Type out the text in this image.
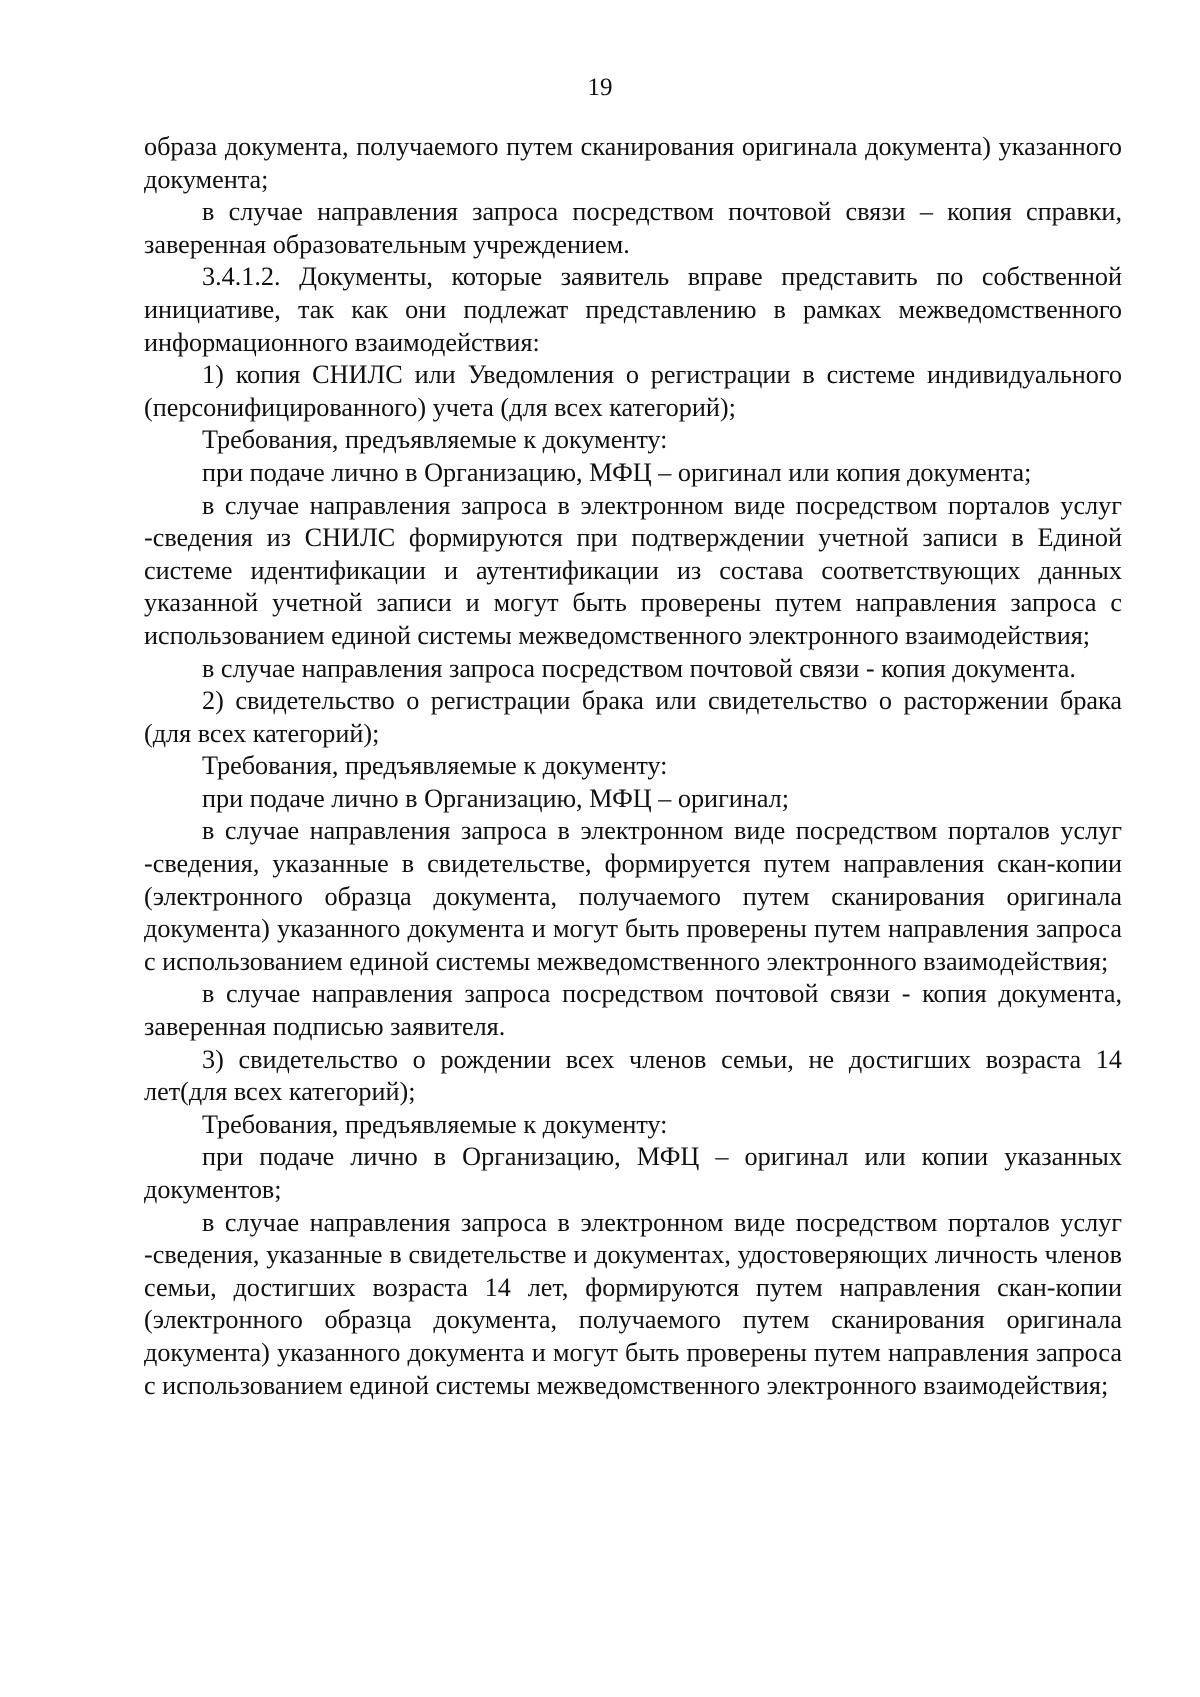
19

образа документа, получаемого путем сканирования оригинала документа) указанного документа;

в случае направления запроса посредством почтовой связи – копия справки, заверенная образовательным учреждением.

3.4.1.2. Документы, которые заявитель вправе представить по собственной инициативе, так как они подлежат представлению в рамках межведомственного информационного взаимодействия:

1) копия СНИЛС или Уведомления о регистрации в системе индивидуального (персонифицированного) учета (для всех категорий);

Требования, предъявляемые к документу:

при подаче лично в Организацию, МФЦ – оригинал или копия документа;

в случае направления запроса в электронном виде посредством порталов услуг -сведения из СНИЛС формируются при подтверждении учетной записи в Единой системе идентификации и аутентификации из состава соответствующих данных указанной учетной записи и могут быть проверены путем направления запроса с использованием единой системы межведомственного электронного взаимодействия;

в случае направления запроса посредством почтовой связи - копия документа.

2) свидетельство о регистрации брака или свидетельство о расторжении брака (для всех категорий);

Требования, предъявляемые к документу:

при подаче лично в Организацию, МФЦ – оригинал;

в случае направления запроса в электронном виде посредством порталов услуг -сведения, указанные в свидетельстве, формируется путем направления скан-копии (электронного образца документа, получаемого путем сканирования оригинала документа) указанного документа и могут быть проверены путем направления запроса с использованием единой системы межведомственного электронного взаимодействия;

в случае направления запроса посредством почтовой связи - копия документа, заверенная подписью заявителя.

3) свидетельство о рождении всех членов семьи, не достигших возраста 14 лет(для всех категорий);

Требования, предъявляемые к документу:

при подаче лично в Организацию, МФЦ – оригинал или копии указанных документов;

в случае направления запроса в электронном виде посредством порталов услуг -сведения, указанные в свидетельстве и документах, удостоверяющих личность членов семьи, достигших возраста 14 лет, формируются путем направления скан-копии (электронного образца документа, получаемого путем сканирования оригинала документа) указанного документа и могут быть проверены путем направления запроса с использованием единой системы межведомственного электронного взаимодействия;
